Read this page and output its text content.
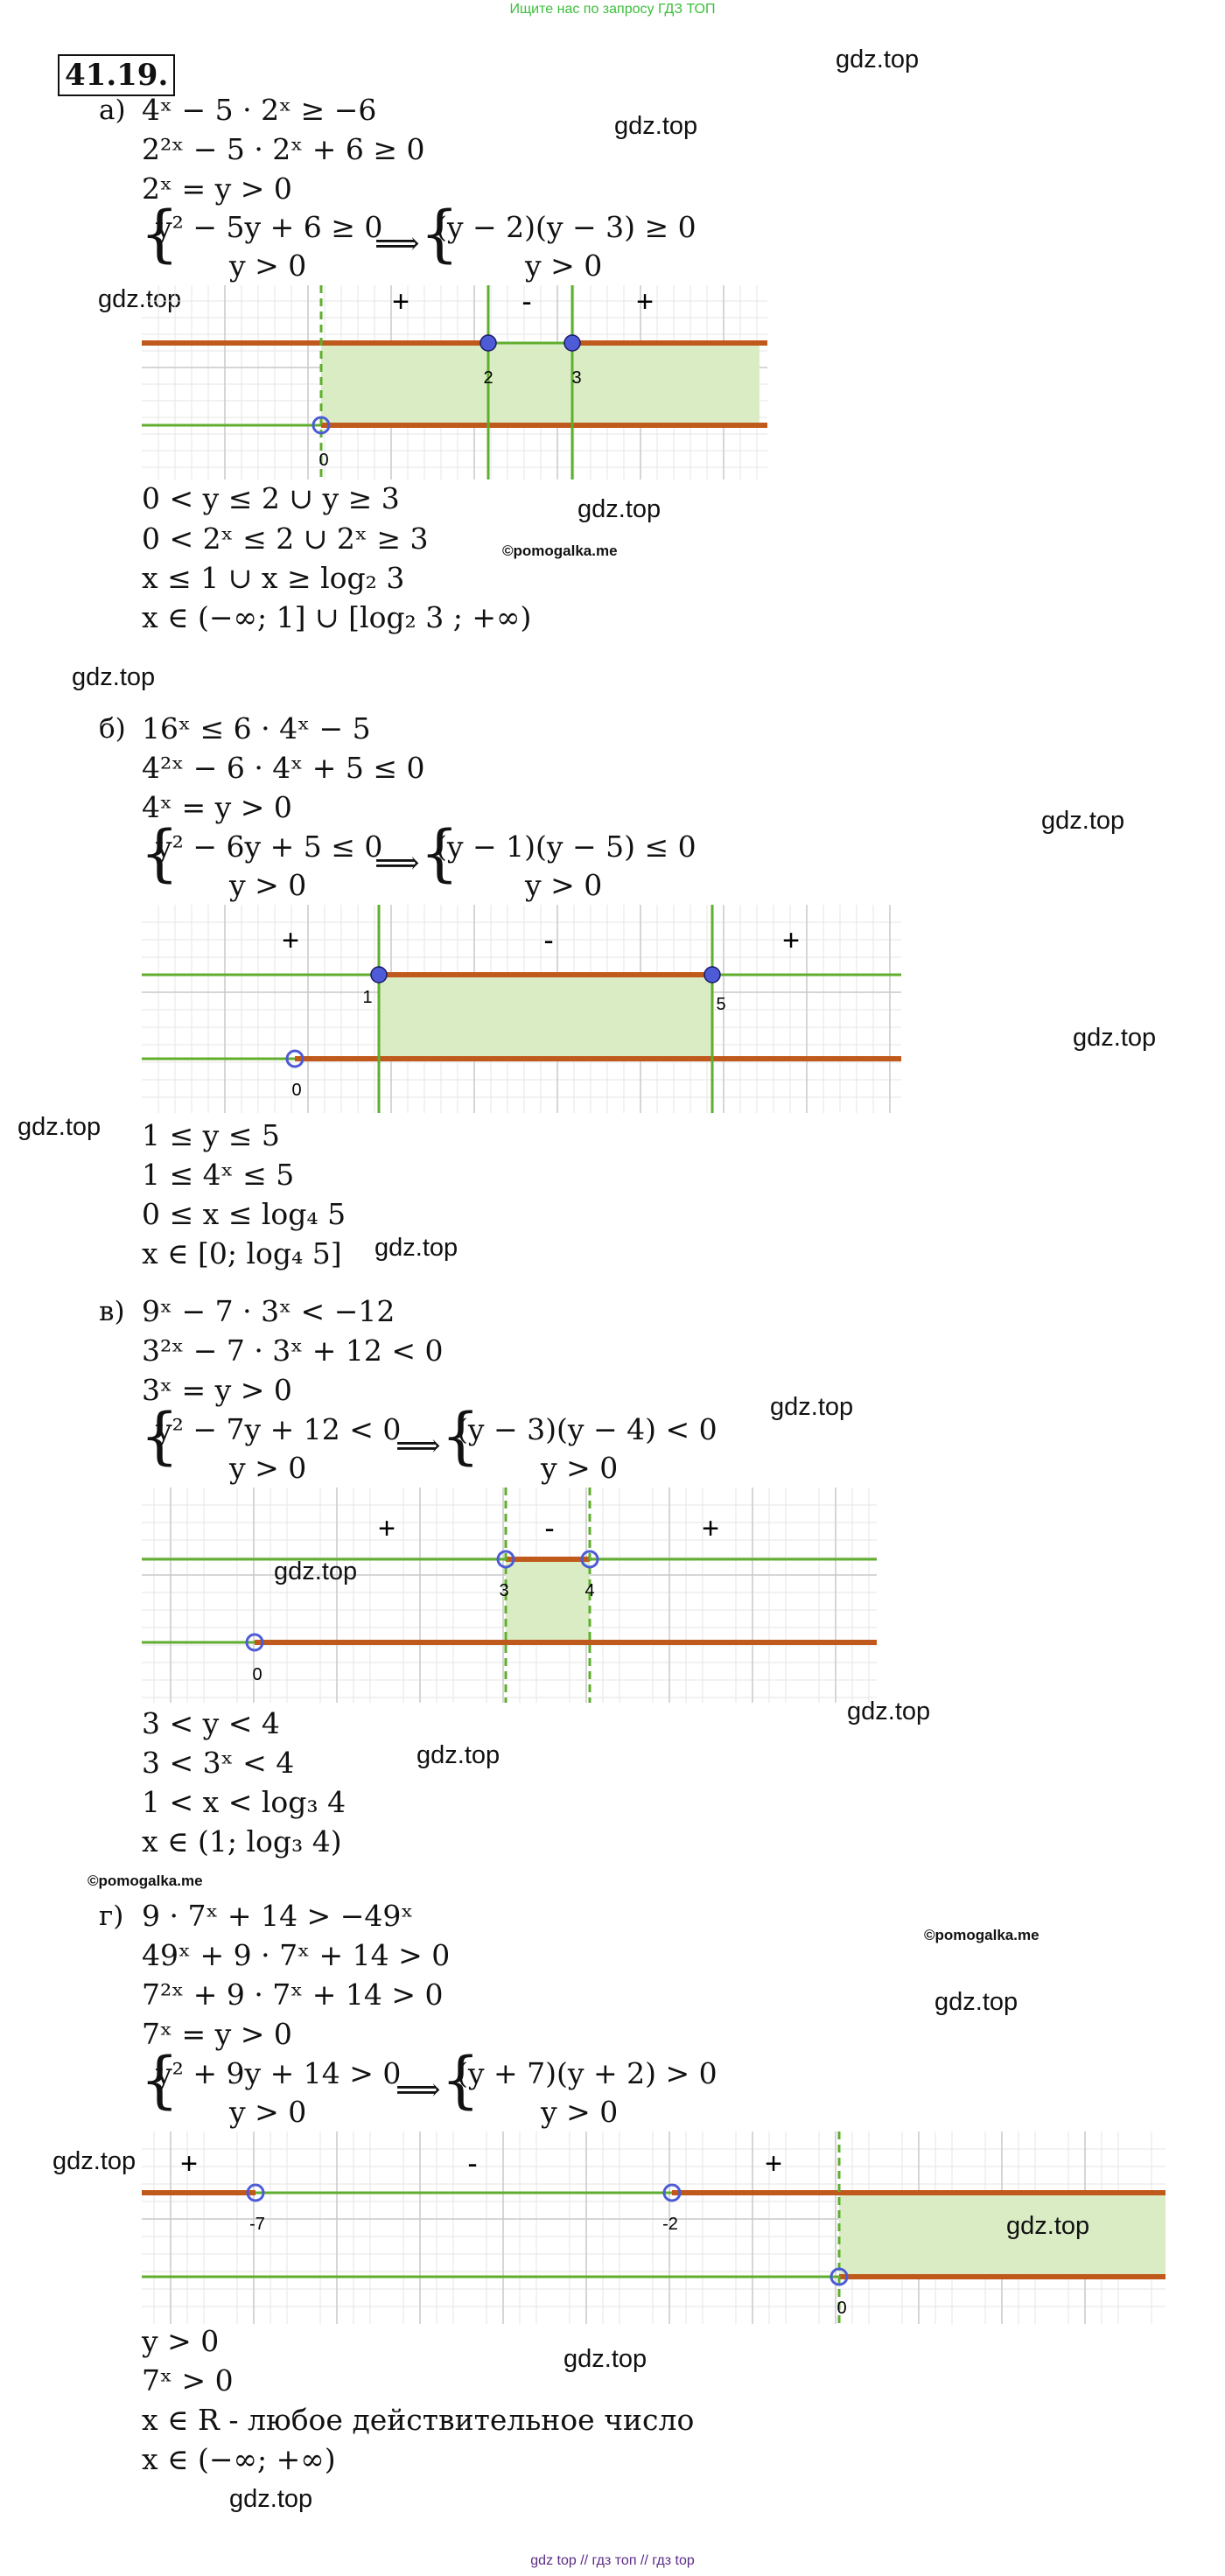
Ищите нас по запросу ГДЗ ТОП
41.19.	gdz.top
а) 4ˣ − 5 · 2ˣ ≥ −6
2²ˣ − 5 · 2ˣ + 6 ≥ 0
gdz.top
2ˣ = y > 0
{
y² − 5y + 6 ≥ 0
y > 0
⟹ {
(y − 2)(y − 3) ≥ 0
y > 0
gdz.top	+	-	+
2	3
0
0 < y ≤ 2 ∪ y ≥ 3	gdz.top
0 < 2ˣ ≤ 2 ∪ 2ˣ ≥ 3	©pomogalka.me
x ≤ 1 ∪ x ≥ log₂ 3
x ∈ (−∞; 1] ∪ [log₂ 3 ; +∞)
gdz.top
б) 16ˣ ≤ 6 · 4ˣ − 5
4²ˣ − 6 · 4ˣ + 5 ≤ 0
4ˣ = y > 0	gdz.top
{
y² − 6y + 5 ≤ 0
y > 0
⟹ {
(y − 1)(y − 5) ≤ 0
y > 0
+	-	+
1	5
0
gdz.top
gdz.top 1 ≤ y ≤ 5
1 ≤ 4ˣ ≤ 5
0 ≤ x ≤ log₄ 5
x ∈ [0; log₄ 5] gdz.top
в) 9ˣ − 7 · 3ˣ < −12
3²ˣ − 7 · 3ˣ + 12 < 0
3ˣ = y > 0	gdz.top
{
y² − 7y + 12 < 0
y > 0
⟹ {
(y − 3)(y − 4) < 0
y > 0
+	-	+
3	4
0
gdz.top
gdz.top
3 < y < 4
3 < 3ˣ < 4	gdz.top
1 < x < log₃ 4
x ∈ (1; log₃ 4)
©pomogalka.me
г) 9 · 7ˣ + 14 > −49ˣ
©pomogalka.me
49ˣ + 9 · 7ˣ + 14 > 0
gdz.top
7²ˣ + 9 · 7ˣ + 14 > 0
7ˣ = y > 0
{
y² + 9y + 14 > 0
y > 0
⟹ {
(y + 7)(y + 2) > 0
y > 0
gdz.top +	-	+
-7	-2
0
gdz.top
y > 0
gdz.top
7ˣ > 0
x ∈ R - любое действительное число
x ∈ (−∞; +∞)
gdz.top
gdz top // гдз топ // гдз top
